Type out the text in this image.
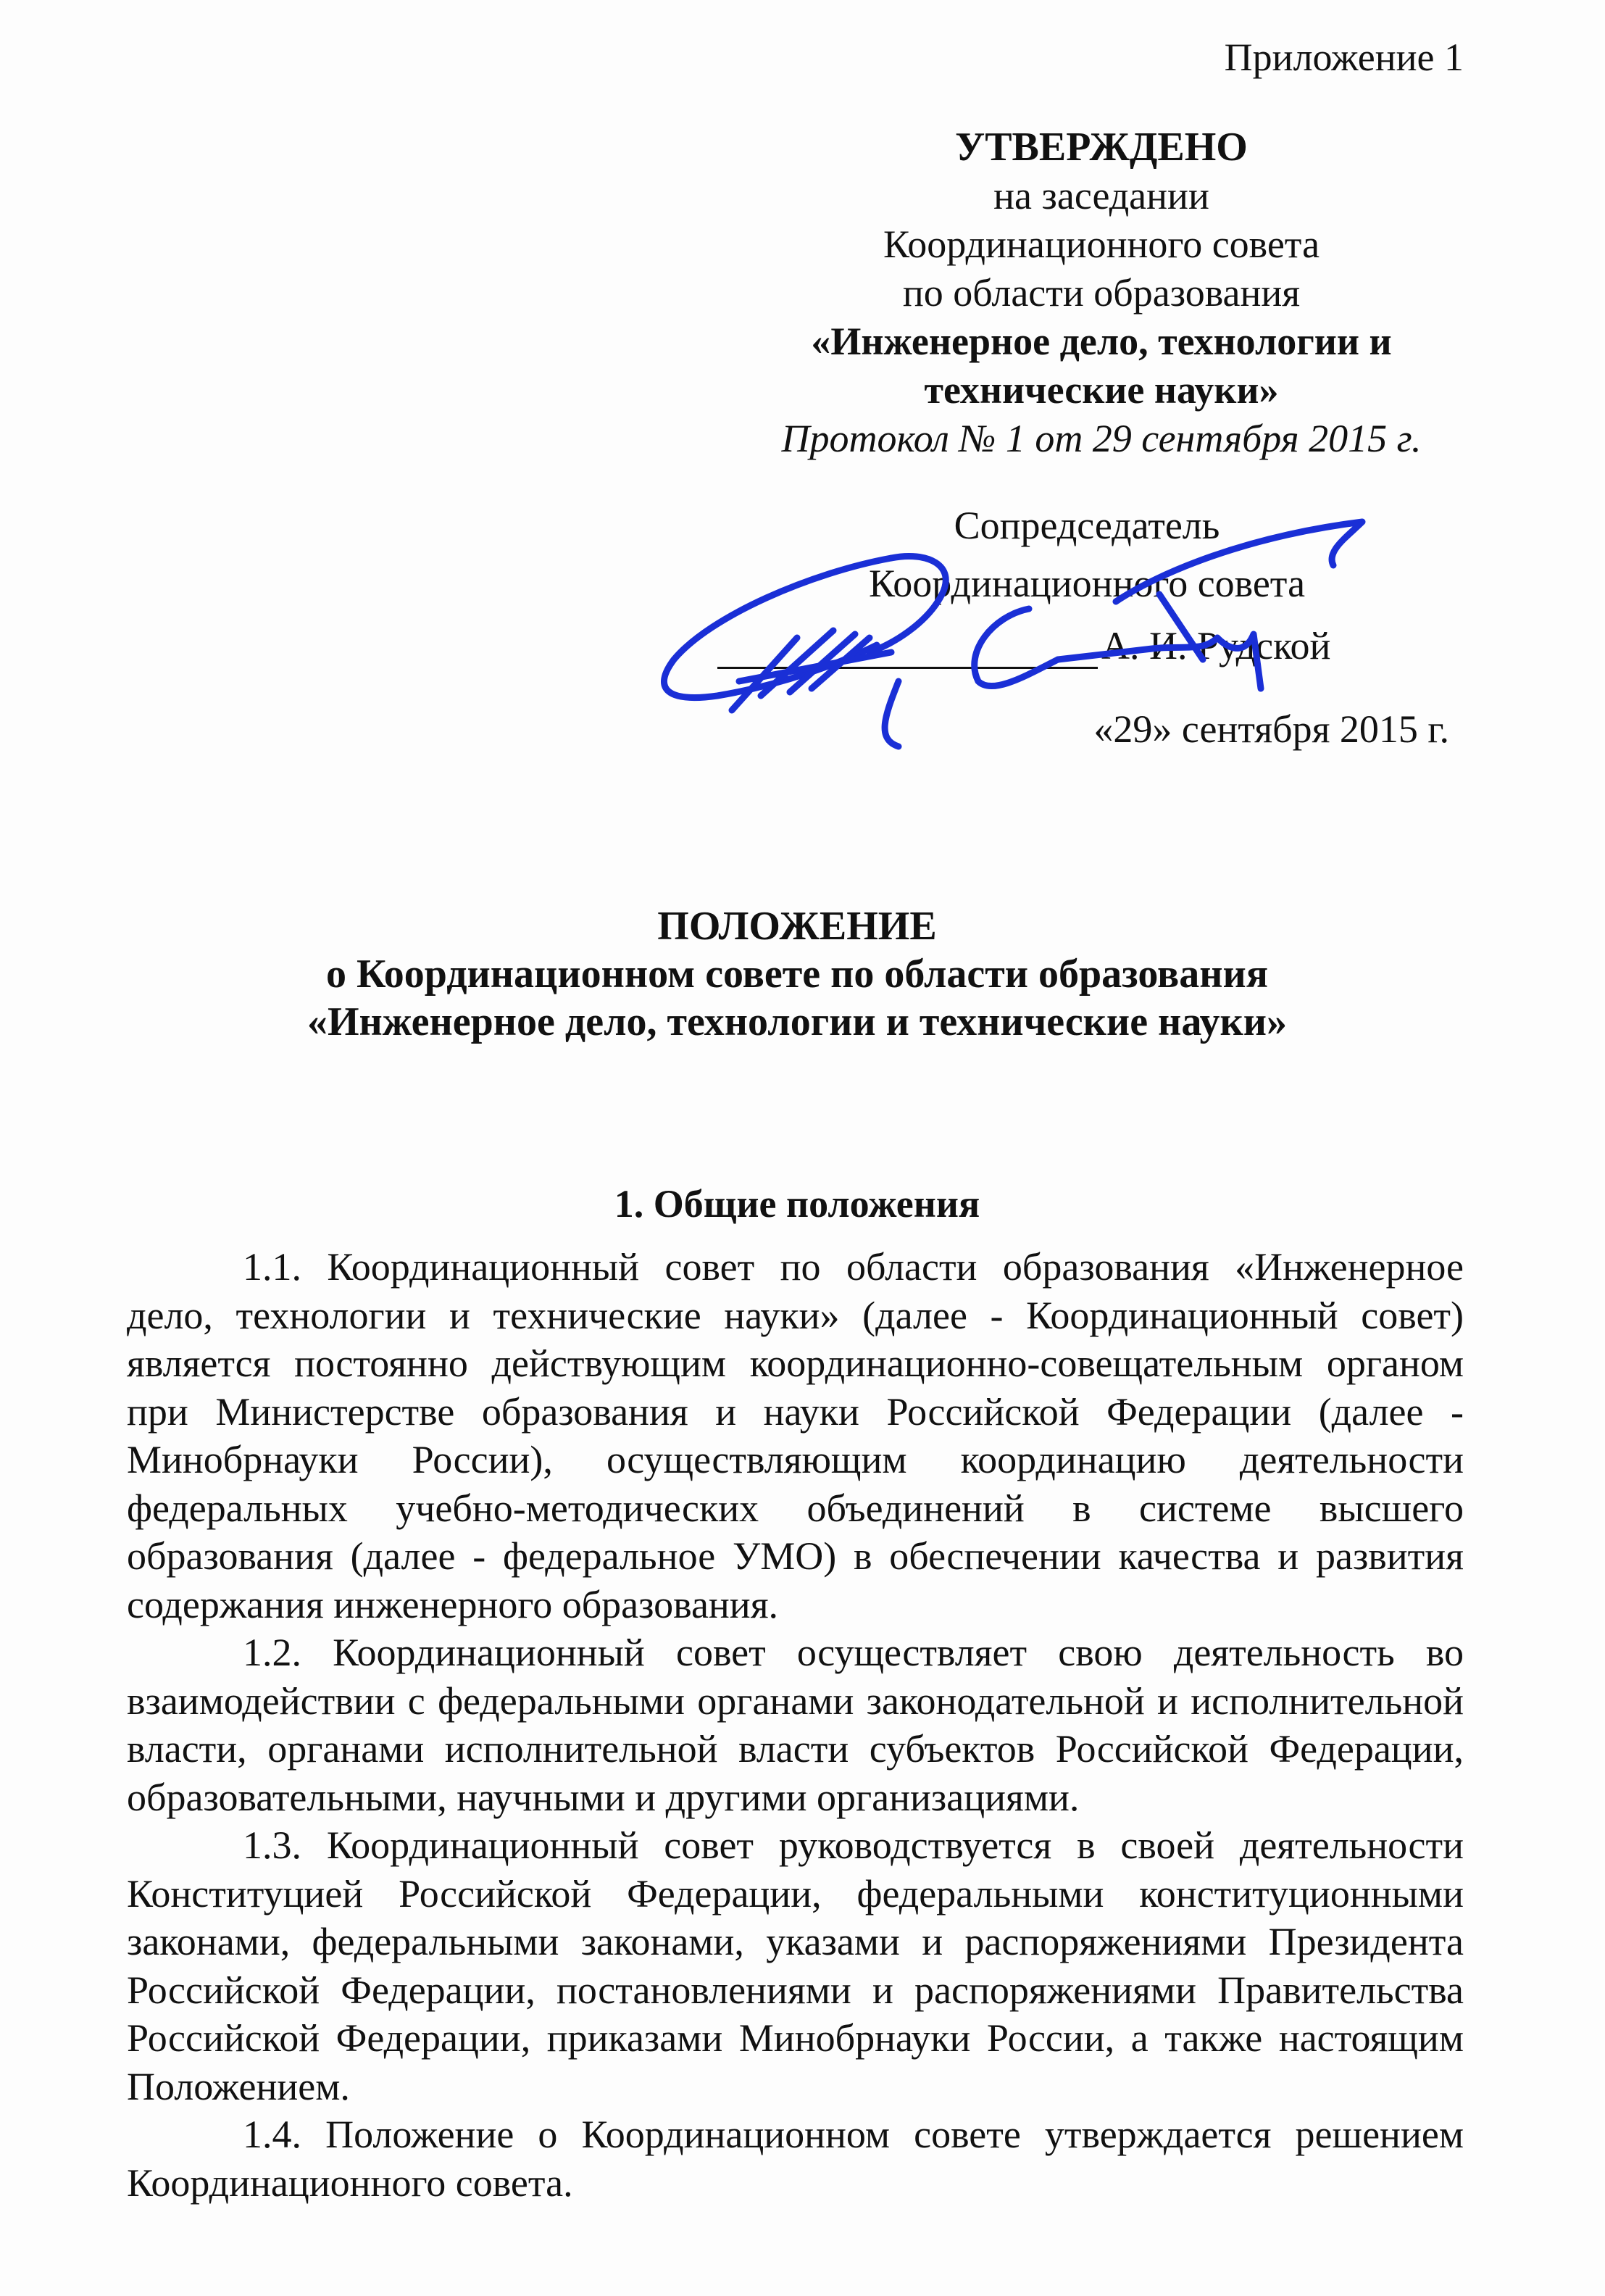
Приложение 1
УТВЕРЖДЕНО
на заседании
Координационного совета
по области образования
«Инженерное дело, технологии и
технические науки»
Протокол № 1 от 29 сентября 2015 г.
Сопредседатель
Координационного совета
А. И. Рудской
«29» сентября 2015 г.
ПОЛОЖЕНИЕ
о Координационном совете по области образования
«Инженерное дело, технологии и технические науки»
1. Общие положения

1.1. Координационный совет по области образования «Инженерное дело, технологии и технические науки» (далее - Координационный совет) является постоянно действующим координационно-совещательным органом при Министерстве образования и науки Российской Федерации (далее - Минобрнауки России), осуществляющим координацию деятельности федеральных учебно-методических объединений в системе высшего образования (далее - федеральное УМО) в обеспечении качества и развития содержания инженерного образования.

1.2. Координационный совет осуществляет свою деятельность во взаимодействии с федеральными органами законодательной и исполнительной власти, органами исполнительной власти субъектов Российской Федерации, образовательными, научными и другими организациями.

1.3. Координационный совет руководствуется в своей деятельности Конституцией Российской Федерации, федеральными конституционными законами, федеральными законами, указами и распоряжениями Президента Российской Федерации, постановлениями и распоряжениями Правительства Российской Федерации, приказами Минобрнауки России, а также настоящим Положением.

1.4. Положение о Координационном совете утверждается решением Координационного совета.
